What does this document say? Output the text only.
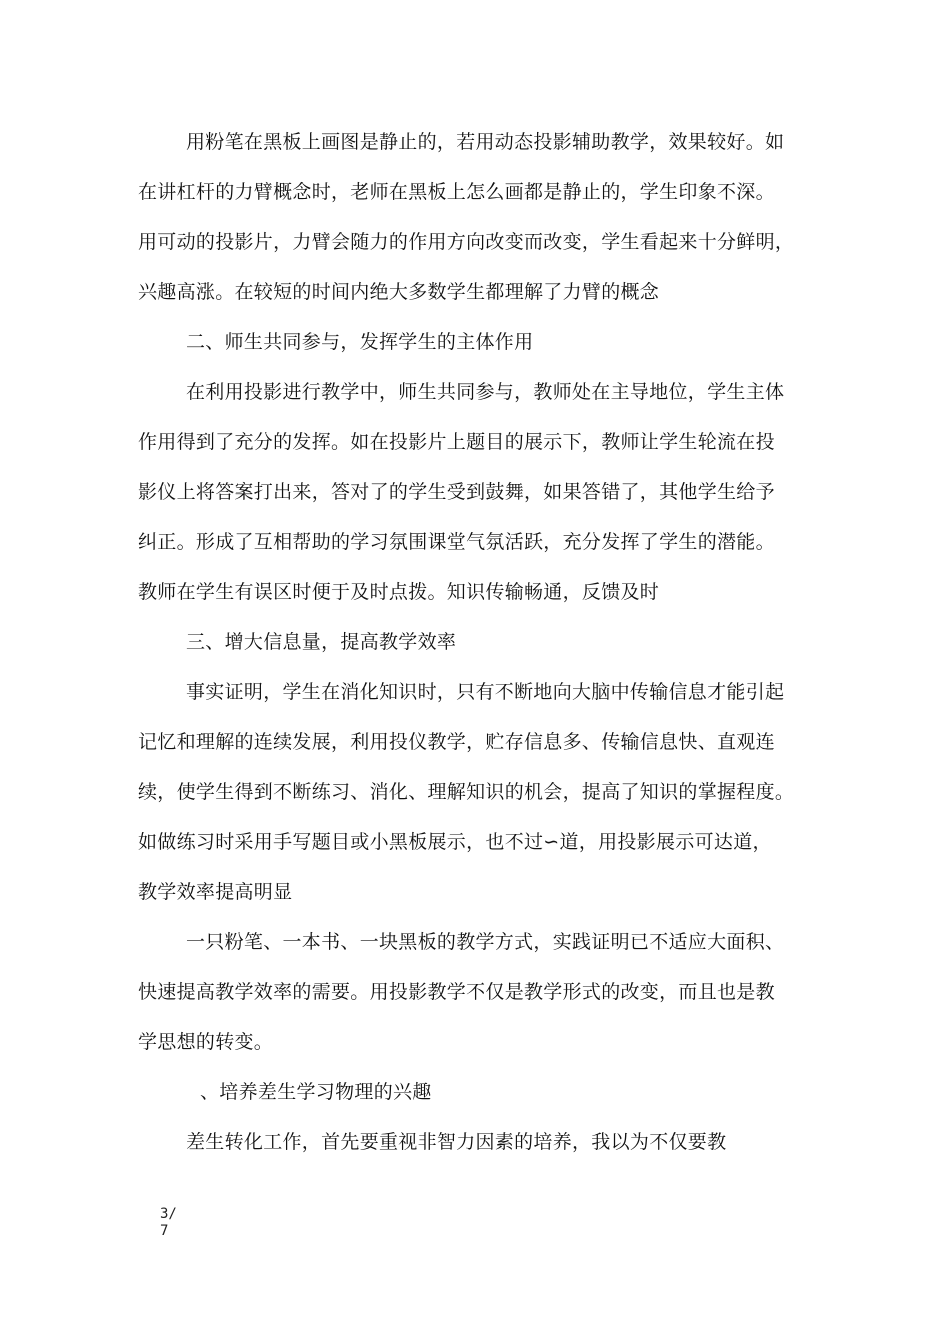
用粉笔在黑板上画图是静止的，若用动态投影辅助教学，效果较好。如
在讲杠杆的力臂概念时，老师在黑板上怎么画都是静止的，学生印象不深。
用可动的投影片，力臂会随力的作用方向改变而改变，学生看起来十分鲜明，
兴趣高涨。在较短的时间内绝大多数学生都理解了力臂的概念
二、师生共同参与，发挥学生的主体作用
在利用投影进行教学中，师生共同参与，教师处在主导地位，学生主体
作用得到了充分的发挥。如在投影片上题目的展示下，教师让学生轮流在投
影仪上将答案打出来，答对了的学生受到鼓舞，如果答错了，其他学生给予
纠正。形成了互相帮助的学习氛围课堂气氛活跃，充分发挥了学生的潜能。
教师在学生有误区时便于及时点拨。知识传输畅通，反馈及时
三、增大信息量，提高教学效率
事实证明，学生在消化知识时，只有不断地向大脑中传输信息才能引起
记忆和理解的连续发展，利用投仪教学，贮存信息多、传输信息快、直观连
续，使学生得到不断练习、消化、理解知识的机会，提高了知识的掌握程度。
如做练习时采用手写题目或小黑板展示，也不过∽道，用投影展示可达道，
教学效率提高明显
一只粉笔、一本书、一块黑板的教学方式，实践证明已不适应大面积、
快速提高教学效率的需要。用投影教学不仅是教学形式的改变，而且也是教
学思想的转变。
、培养差生学习物理的兴趣
差生转化工作，首先要重视非智力因素的培养，我以为不仅要教
3/
7
